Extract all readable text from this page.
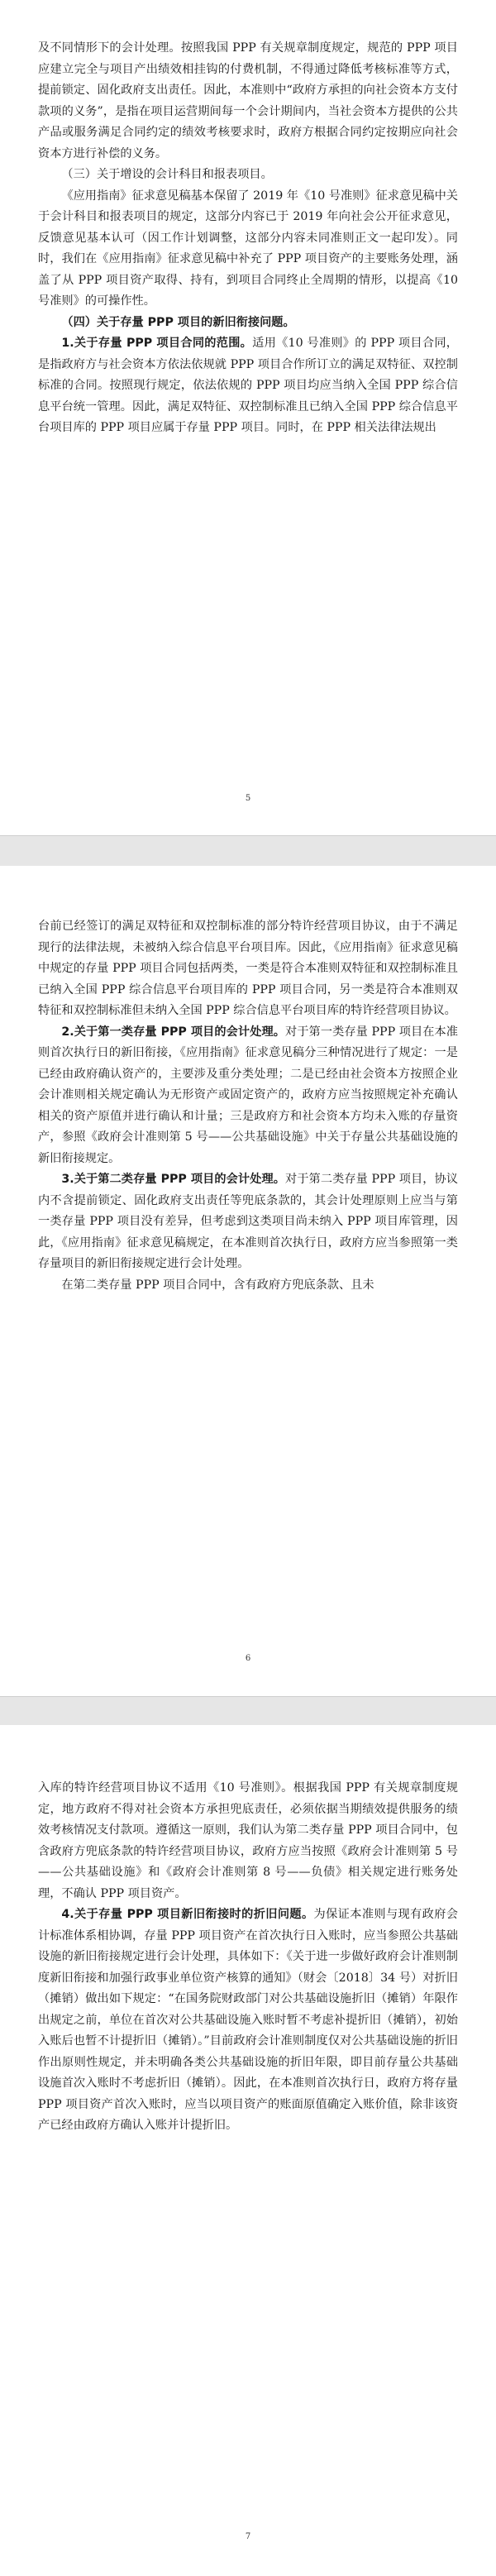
及不同情形下的会计处理。按照我国 PPP 有关规章制度规定，规范的 PPP 项目应建立完全与项目产出绩效相挂钩的付费机制，不得通过降低考核标准等方式，提前锁定、固化政府支出责任。因此，本准则中“政府方承担的向社会资本方支付款项的义务”，是指在项目运营期间每一个会计期间内，当社会资本方提供的公共产品或服务满足合同约定的绩效考核要求时，政府方根据合同约定按期应向社会资本方进行补偿的义务。

（三）关于增设的会计科目和报表项目。

《应用指南》征求意见稿基本保留了 2019 年《10 号准则》征求意见稿中关于会计科目和报表项目的规定，这部分内容已于 2019 年向社会公开征求意见，反馈意见基本认可（因工作计划调整，这部分内容未同准则正文一起印发）。同时，我们在《应用指南》征求意见稿中补充了 PPP 项目资产的主要账务处理，涵盖了从 PPP 项目资产取得、持有，到项目合同终止全周期的情形，以提高《10 号准则》的可操作性。

（四）关于存量 PPP 项目的新旧衔接问题。

1.关于存量 PPP 项目合同的范围。适用《10 号准则》的 PPP 项目合同，是指政府方与社会资本方依法依规就 PPP 项目合作所订立的满足双特征、双控制标准的合同。按照现行规定，依法依规的 PPP 项目均应当纳入全国 PPP 综合信息平台统一管理。因此，满足双特征、双控制标准且已纳入全国 PPP 综合信息平台项目库的 PPP 项目应属于存量 PPP 项目。同时，在 PPP 相关法律法规出

5

台前已经签订的满足双特征和双控制标准的部分特许经营项目协议，由于不满足现行的法律法规，未被纳入综合信息平台项目库。因此，《应用指南》征求意见稿中规定的存量 PPP 项目合同包括两类，一类是符合本准则双特征和双控制标准且已纳入全国 PPP 综合信息平台项目库的 PPP 项目合同，另一类是符合本准则双特征和双控制标准但未纳入全国 PPP 综合信息平台项目库的特许经营项目协议。

2.关于第一类存量 PPP 项目的会计处理。对于第一类存量 PPP 项目在本准则首次执行日的新旧衔接，《应用指南》征求意见稿分三种情况进行了规定：一是已经由政府确认资产的，主要涉及重分类处理；二是已经由社会资本方按照企业会计准则相关规定确认为无形资产或固定资产的，政府方应当按照规定补充确认相关的资产原值并进行确认和计量；三是政府方和社会资本方均未入账的存量资产，参照《政府会计准则第 5 号——公共基础设施》中关于存量公共基础设施的新旧衔接规定。

3.关于第二类存量 PPP 项目的会计处理。对于第二类存量 PPP 项目，协议内不含提前锁定、固化政府支出责任等兜底条款的，其会计处理原则上应当与第一类存量 PPP 项目没有差异，但考虑到这类项目尚未纳入 PPP 项目库管理，因此，《应用指南》征求意见稿规定，在本准则首次执行日，政府方应当参照第一类存量项目的新旧衔接规定进行会计处理。

在第二类存量 PPP 项目合同中，含有政府方兜底条款、且未

6

入库的特许经营项目协议不适用《10 号准则》。根据我国 PPP 有关规章制度规定，地方政府不得对社会资本方承担兜底责任，必须依据当期绩效提供服务的绩效考核情况支付款项。遵循这一原则，我们认为第二类存量 PPP 项目合同中，包含政府方兜底条款的特许经营项目协议，政府方应当按照《政府会计准则第 5 号——公共基础设施》和《政府会计准则第 8 号——负债》相关规定进行账务处理，不确认 PPP 项目资产。

4.关于存量 PPP 项目新旧衔接时的折旧问题。为保证本准则与现有政府会计标准体系相协调，存量 PPP 项目资产在首次执行日入账时，应当参照公共基础设施的新旧衔接规定进行会计处理，具体如下：《关于进一步做好政府会计准则制度新旧衔接和加强行政事业单位资产核算的通知》（财会〔2018〕34 号）对折旧（摊销）做出如下规定：“在国务院财政部门对公共基础设施折旧（摊销）年限作出规定之前，单位在首次对公共基础设施入账时暂不考虑补提折旧（摊销），初始入账后也暂不计提折旧（摊销）。”目前政府会计准则制度仅对公共基础设施的折旧作出原则性规定，并未明确各类公共基础设施的折旧年限，即目前存量公共基础设施首次入账时不考虑折旧（摊销）。因此，在本准则首次执行日，政府方将存量 PPP 项目资产首次入账时，应当以项目资产的账面原值确定入账价值，除非该资产已经由政府方确认入账并计提折旧。

7
